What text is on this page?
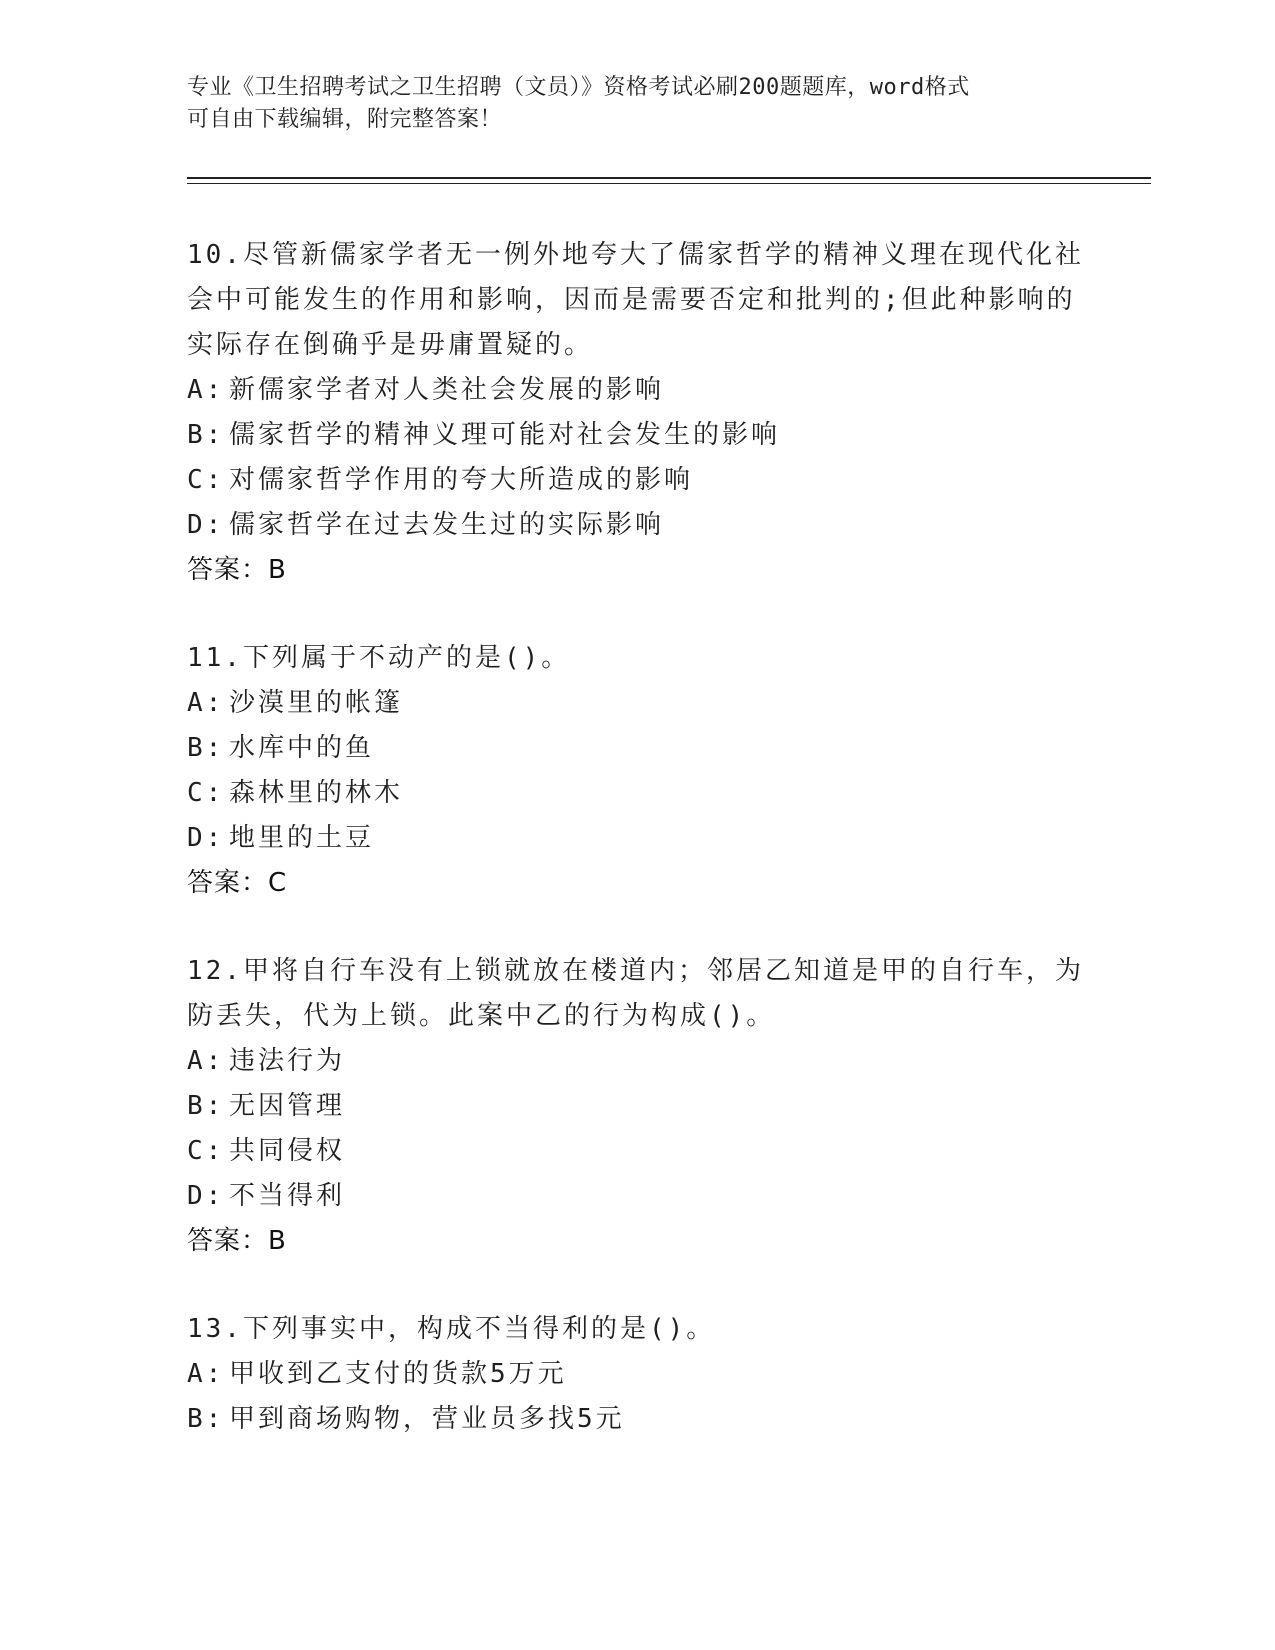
专业《卫生招聘考试之卫生招聘（文员）》资格考试必刷200题题库，word格式
可自由下载编辑，附完整答案！
10.尽管新儒家学者无一例外地夸大了儒家哲学的精神义理在现代化社会中可能发生的作用和影响，因而是需要否定和批判的;但此种影响的实际存在倒确乎是毋庸置疑的。
A: 新儒家学者对人类社会发展的影响
B: 儒家哲学的精神义理可能对社会发生的影响
C: 对儒家哲学作用的夸大所造成的影响
D: 儒家哲学在过去发生过的实际影响
答案：B
11.下列属于不动产的是()。
A: 沙漠里的帐篷
B: 水库中的鱼
C: 森林里的林木
D: 地里的土豆
答案：C
12.甲将自行车没有上锁就放在楼道内；邻居乙知道是甲的自行车，为防丢失，代为上锁。此案中乙的行为构成()。
A: 违法行为
B: 无因管理
C: 共同侵权
D: 不当得利
答案：B
13.下列事实中，构成不当得利的是()。
A: 甲收到乙支付的货款5万元
B: 甲到商场购物，营业员多找5元
